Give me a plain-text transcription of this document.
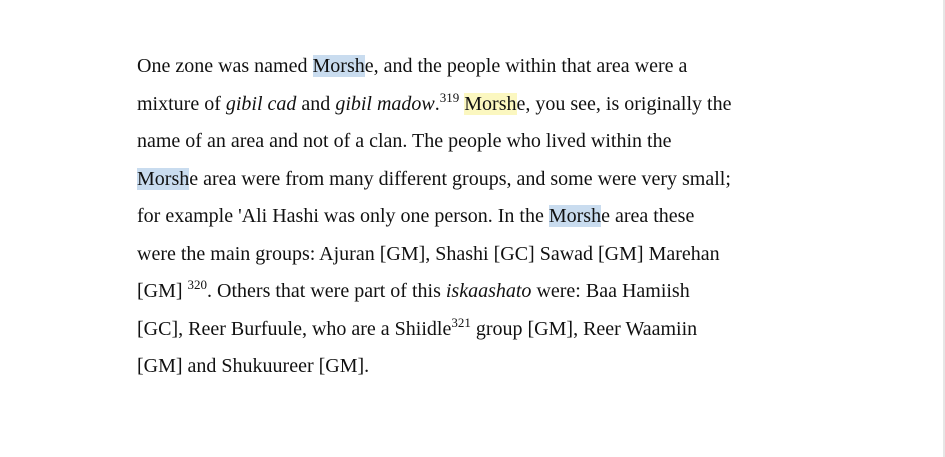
One zone was named Morshe, and the people within that area were a
mixture of gibil cad and gibil madow.$^{319}$ Morshe, you see, is originally the
name of an area and not of a clan. The people who lived within the
Morshe area were from many different groups, and some were very small;
for example 'Ali Hashi was only one person. In the Morshe area these
were the main groups: Ajuran [GM], Shashi [GC] Sawad [GM] Marehan
[GM] $^{320}$. Others that were part of this iskaashato were: Baa Hamiish
[GC], Reer Burfuule, who are a Shiidle$^{321}$ group [GM], Reer Waamiin
[GM] and Shukuureer [GM].
